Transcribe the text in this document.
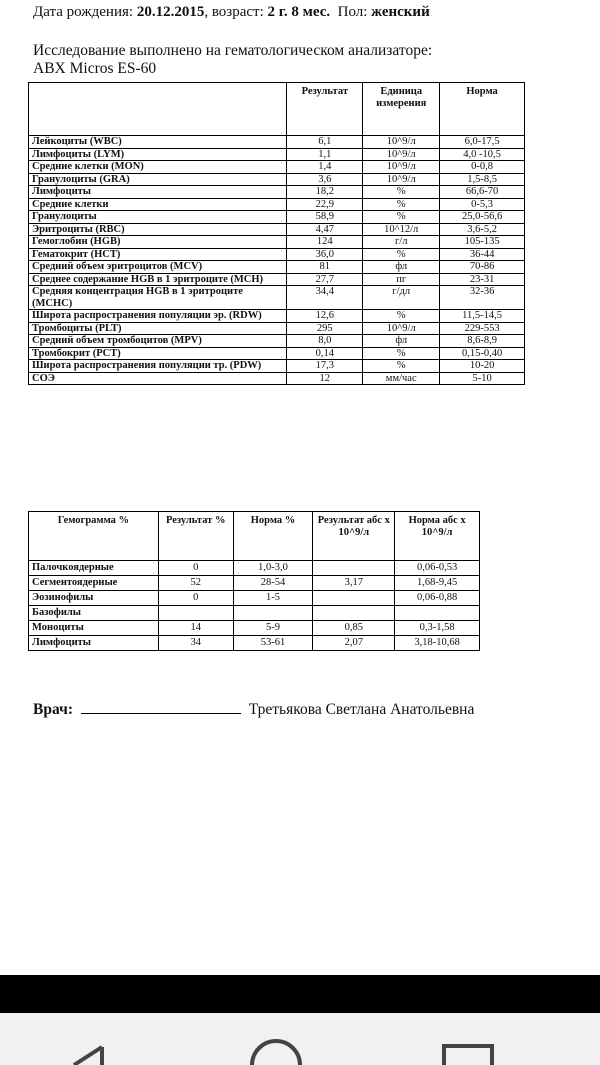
Дата рождения: 20.12.2015, возраст: 2 г. 8 мес. Пол: женский
Исследование выполнено на гематологическом анализаторе:
ABX Micros ES-60
	Результат	Единица измерения	Норма
Лейкоциты (WBC)	6,1	10^9/л	6,0-17,5
Лимфоциты (LYM)	1,1	10^9/л	4,0 -10,5
Средние клетки (MON)	1,4	10^9/л	0-0,8
Гранулоциты (GRA)	3,6	10^9/л	1,5-8,5
Лимфоциты	18,2	%	66,6-70
Средние клетки	22,9	%	0-5,3
Гранулоциты	58,9	%	25,0-56,6
Эритроциты (RBC)	4,47	10^12/л	3,6-5,2
Гемоглобин (HGB)	124	г/л	105-135
Гематокрит (HCT)	36,0	%	36-44
Средний объем эритроцитов (MCV)	81	фл	70-86
Среднее содержание HGB в 1 эритроците (MCH)	27,7	пг	23-31
Средняя концентрация HGB в 1 эритроците (MCHC)	34,4	г/дл	32-36
Широта распространения популяции эр. (RDW)	12,6	%	11,5-14,5
Тромбоциты (PLT)	295	10^9/л	229-553
Средний объем тромбоцитов (MPV)	8,0	фл	8,6-8,9
Тромбокрит (PCT)	0,14	%	0,15-0,40
Широта распространения популяции тр. (PDW)	17,3	%	10-20
СОЭ	12	мм/час	5-10
Гемограмма %	Результат %	Норма %	Результат абс х 10^9/л	Норма абс х 10^9/л
Палочкоядерные	0	1,0-3,0		0,06-0,53
Сегментоядерные	52	28-54	3,17	1,68-9,45
Эозинофилы	0	1-5		0,06-0,88
Базофилы				
Моноциты	14	5-9	0,85	0,3-1,58
Лимфоциты	34	53-61	2,07	3,18-10,68
Врач:	Третьякова Светлана Анатольевна
